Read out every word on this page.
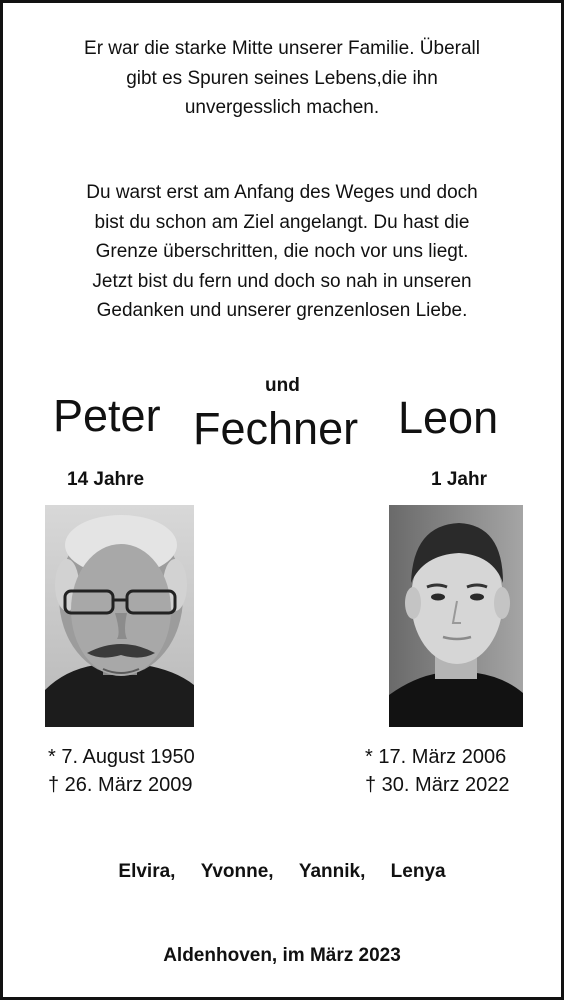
Er war die starke Mitte unserer Familie. Überall
gibt es Spuren seines Lebens,die ihn
unvergesslich machen.
Du warst erst am Anfang des Weges und doch
bist du schon am Ziel angelangt. Du hast die
Grenze überschritten, die noch vor uns liegt.
Jetzt bist du fern und doch so nah in unseren
Gedanken und unserer grenzenlosen Liebe.
Peter
und
Fechner Leon
14 Jahre	1 Jahr
* 7. August 1950
† 26. März 2009
* 17. März 2006
† 30. März 2022
Elvira, Yvonne, Yannik, Lenya
Aldenhoven, im März 2023
